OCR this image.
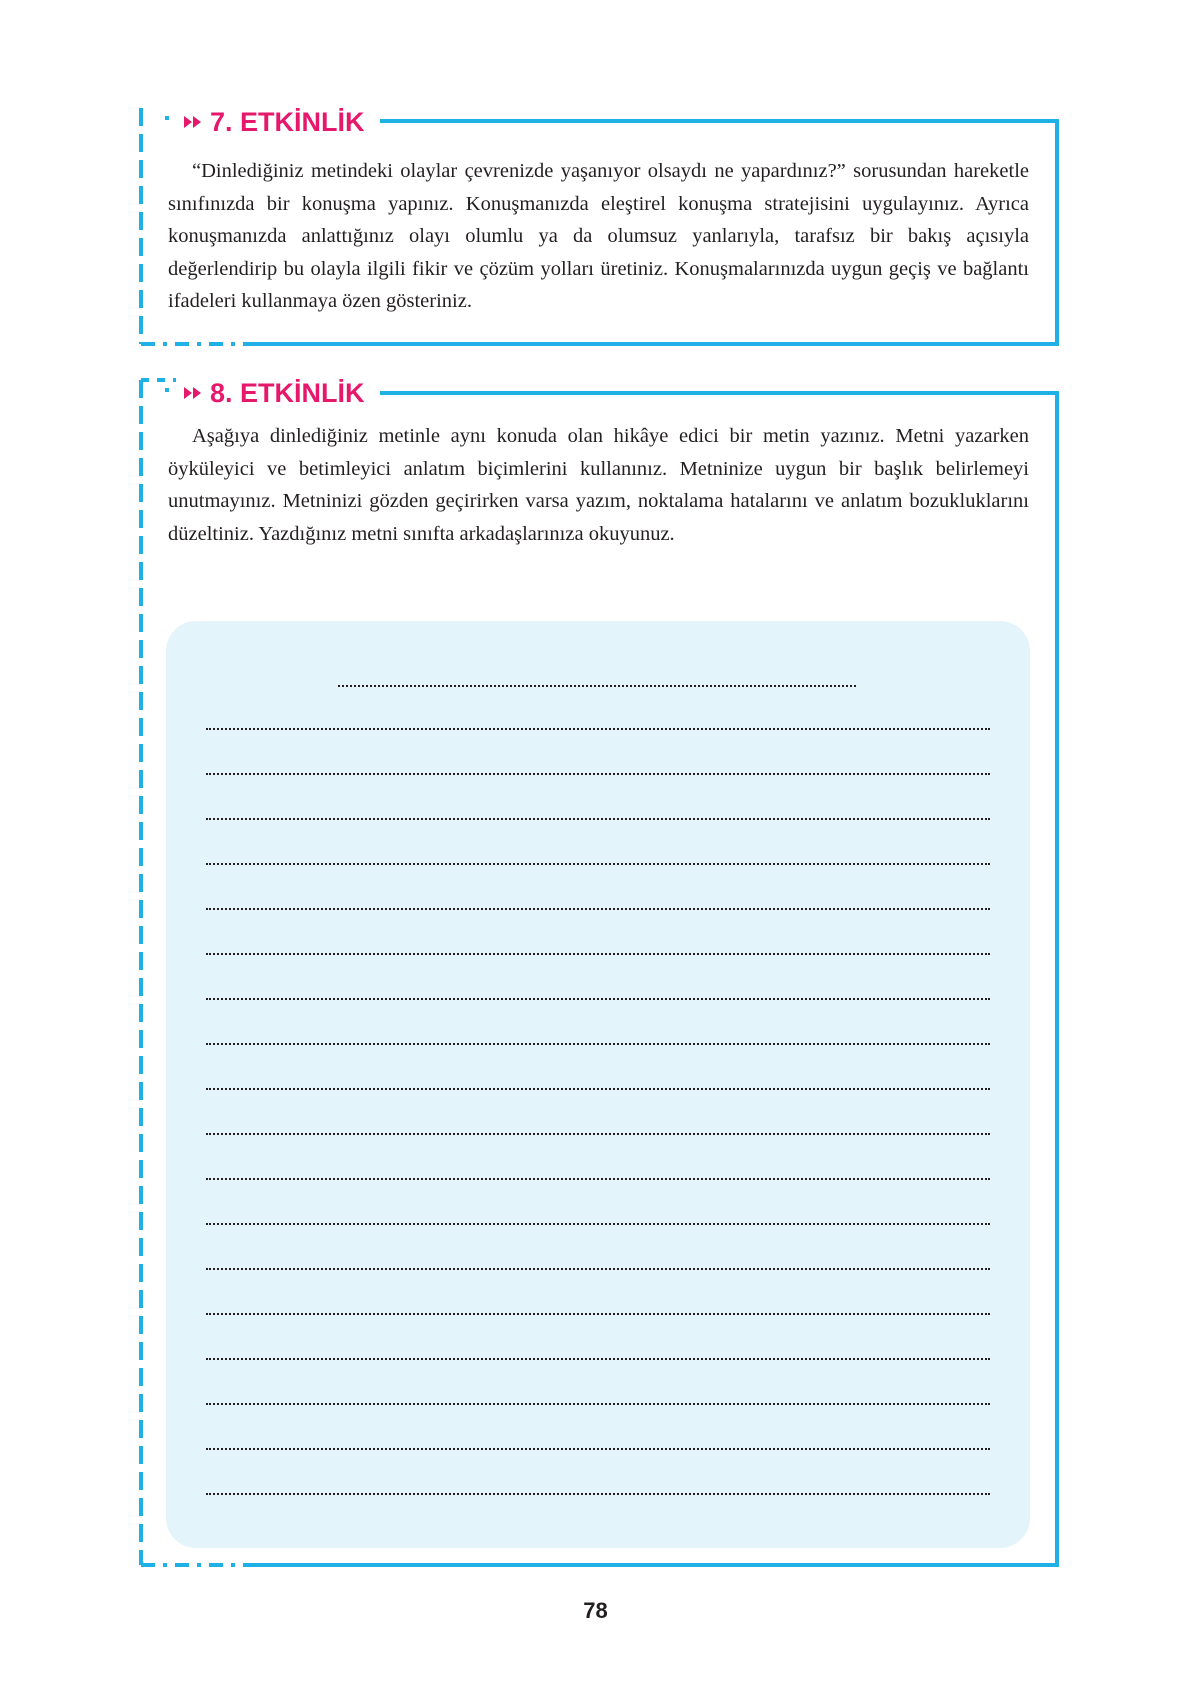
7. ETKİNLİK

“Dinlediğiniz metindeki olaylar çevrenizde yaşanıyor olsaydı ne yapardınız?” sorusundan hareketle sınıfınızda bir konuşma yapınız. Konuşmanızda eleştirel konuşma stratejisini uygulayınız. Ayrıca konuşmanızda anlattığınız olayı olumlu ya da olumsuz yanlarıyla, tarafsız bir bakış açısıyla değerlendirip bu olayla ilgili fikir ve çözüm yolları üretiniz. Konuşmalarınızda uygun geçiş ve bağlantı ifadeleri kullanmaya özen gösteriniz.

8. ETKİNLİK

Aşağıya dinlediğiniz metinle aynı konuda olan hikâye edici bir metin yazınız. Metni yazarken öyküleyici ve betimleyici anlatım biçimlerini kullanınız. Metninize uygun bir başlık belirlemeyi unutmayınız. Metninizi gözden geçirirken varsa yazım, noktalama hatalarını ve anlatım bozukluklarını düzeltiniz. Yazdığınız metni sınıfta arkadaşlarınıza okuyunuz.

78
